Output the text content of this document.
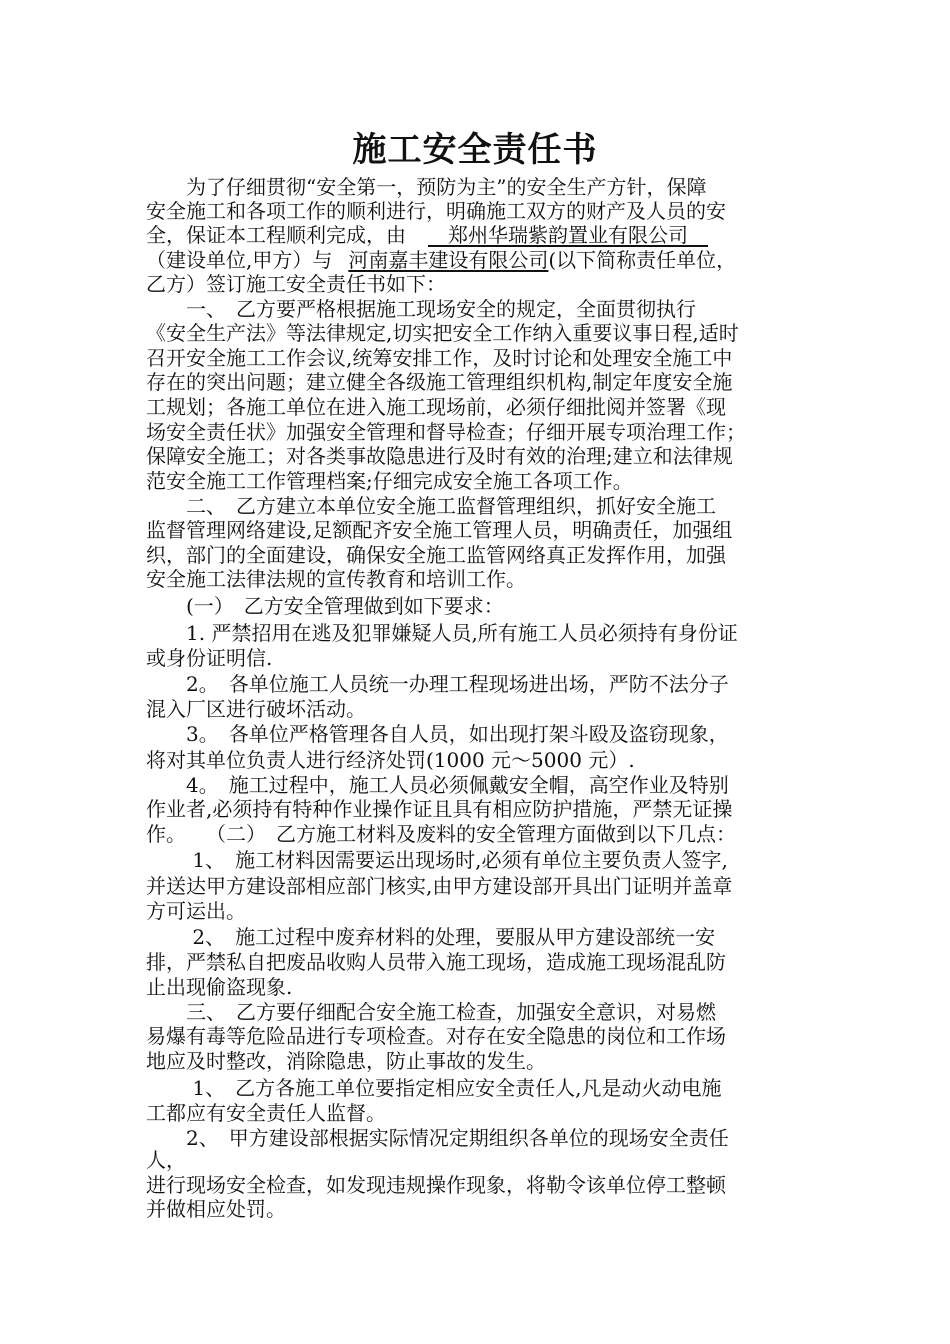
施工安全责任书
　　为了仔细贯彻“安全第一，预防为主”的安全生产方针，保障
安全施工和各项工作的顺利进行，明确施工双方的财产及人员的安
全，保证本工程顺利完成，由　郑州华瑞紫韵置业有限公司　
（建设单位,甲方）与 河南嘉丰建设有限公司(以下简称责任单位，
乙方）签订施工安全责任书如下：
　　一、　乙方要严格根据施工现场安全的规定，全面贯彻执行
《安全生产法》等法律规定,切实把安全工作纳入重要议事日程,适时
召开安全施工工作会议,统筹安排工作，及时讨论和处理安全施工中
存在的突出问题；建立健全各级施工管理组织机构,制定年度安全施
工规划；各施工单位在进入施工现场前，必须仔细批阅并签署《现
场安全责任状》加强安全管理和督导检查；仔细开展专项治理工作；
保障安全施工；对各类事故隐患进行及时有效的治理;建立和法律规
范安全施工工作管理档案;仔细完成安全施工各项工作。
　　二、　乙方建立本单位安全施工监督管理组织，抓好安全施工
监督管理网络建设,足额配齐安全施工管理人员，明确责任，加强组
织，部门的全面建设，确保安全施工监管网络真正发挥作用，加强
安全施工法律法规的宣传教育和培训工作。
　　(一）　乙方安全管理做到如下要求：
　　1. 严禁招用在逃及犯罪嫌疑人员,所有施工人员必须持有身份证
或身份证明信.
　　2。　各单位施工人员统一办理工程现场进出场，严防不法分子
混入厂区进行破坏活动。
　　3。　各单位严格管理各自人员，如出现打架斗殴及盗窃现象，
将对其单位负责人进行经济处罚(1000 元～5000 元）.
　　4。　施工过程中，施工人员必须佩戴安全帽，高空作业及特别
作业者,必须持有特种作业操作证且具有相应防护措施，严禁无证操
作。　　（二）　乙方施工材料及废料的安全管理方面做到以下几点：
　　 1、　施工材料因需要运出现场时,必须有单位主要负责人签字,
并送达甲方建设部相应部门核实,由甲方建设部开具出门证明并盖章
方可运出。
　　 2、　施工过程中废弃材料的处理，要服从甲方建设部统一安
排，严禁私自把废品收购人员带入施工现场，造成施工现场混乱防
止出现偷盗现象.
　　三、　乙方要仔细配合安全施工检查，加强安全意识，对易燃
易爆有毒等危险品进行专项检查。对存在安全隐患的岗位和工作场
地应及时整改，消除隐患，防止事故的发生。
　　 1、　乙方各施工单位要指定相应安全责任人,凡是动火动电施
工都应有安全责任人监督。
　　2、　甲方建设部根据实际情况定期组织各单位的现场安全责任
人，
进行现场安全检查，如发现违规操作现象，将勒令该单位停工整顿
并做相应处罚。
